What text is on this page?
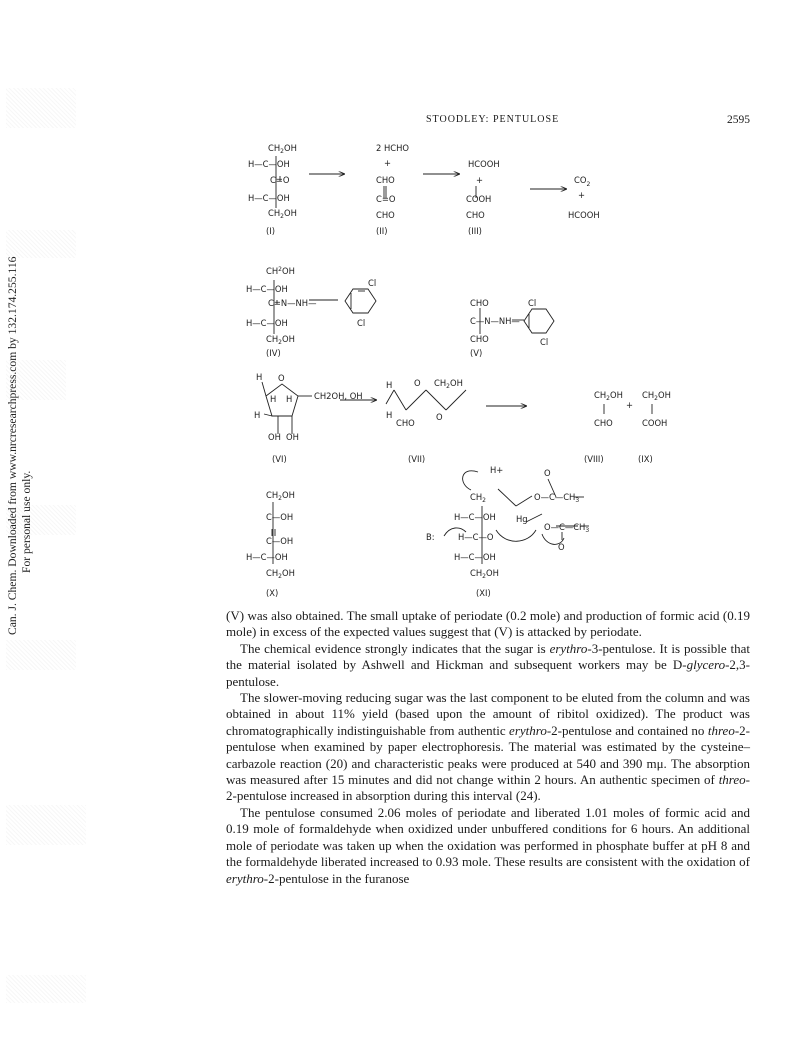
Can. J. Chem. Downloaded from www.nrcresearchpress.com by 132.174.255.116 on 11/11/14 For personal use only.
STOODLEY: PENTULOSE	2595
$CH_2OH$
H—C—OH
C=O
H—C—OH
$CH_2OH$
2 HCHO
+
CHO
C=O
CHO
HCOOH
+
COOH
CHO
$CO_2$
+
HCOOH
$CH^2OH$
H—C—OH
C=N—NH—
H—C—OH
$CH_2OH$
Cl
Cl
CHO
C—N—NH—
CHO
Cl
Cl
H O
H H
H
CH2OH, OH
OH OH
H	O $CH_2OH$
H
CHO
O
$CH_2OH$
+
CHO
$CH_2OH$
COOH
$CH_2OH$
C—OH
C—OH
H—C—OH
$CH_2OH$
H+
$CH_2$
H—C—OH Hg
B:	H—C—O
H—C—OH
$CH_2OH$
O
$O—C—CH_3$
$O—C—CH_3$
O
(I)	(II)	(III)
(IV)	(V)
(VI)	(VII)	(VIII)	(IX)
(X)	(XI)

(V) was also obtained. The small uptake of periodate (0.2 mole) and production of formic acid (0.19 mole) in excess of the expected values suggest that (V) is attacked by periodate.

The chemical evidence strongly indicates that the sugar is erythro-3-pentulose. It is possible that the material isolated by Ashwell and Hickman and subsequent workers may be D-glycero-2,3-pentulose.

The slower-moving reducing sugar was the last component to be eluted from the column and was obtained in about 11% yield (based upon the amount of ribitol oxidized). The product was chromatographically indistinguishable from authentic erythro-2-pentulose and contained no threo-2-pentulose when examined by paper electrophoresis. The material was estimated by the cysteine–carbazole reaction (20) and characteristic peaks were produced at 540 and 390 mμ. The absorption was measured after 15 minutes and did not change within 2 hours. An authentic specimen of threo-2-pentulose increased in absorption during this interval (24).

The pentulose consumed 2.06 moles of periodate and liberated 1.01 moles of formic acid and 0.19 mole of formaldehyde when oxidized under unbuffered conditions for 6 hours. An additional mole of periodate was taken up when the oxidation was performed in phosphate buffer at pH 8 and the formaldehyde liberated increased to 0.93 mole. These results are consistent with the oxidation of erythro-2-pentulose in the furanose
